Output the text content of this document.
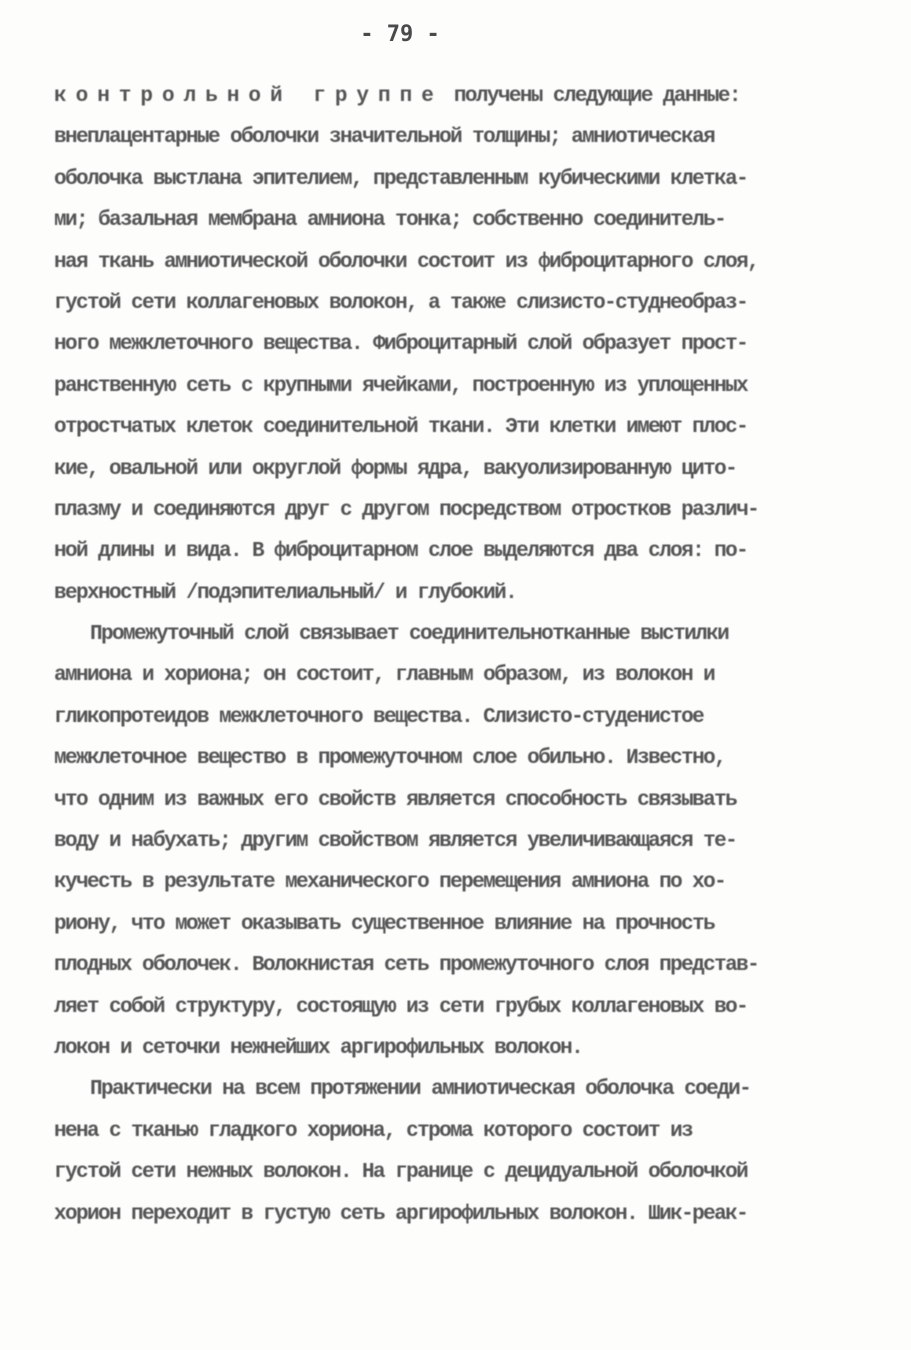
- 79 -
контрольной группе получены следующие данные:
внеплацентарные оболочки значительной толщины; амниотическая
оболочка выстлана эпителием, представленным кубическими клетка-
ми; базальная мембрана амниона тонка; собственно соединитель-
ная ткань амниотической оболочки состоит из фиброцитарного слоя,
густой сети коллагеновых волокон, а также слизисто-студнеобраз-
ного межклеточного вещества. Фиброцитарный слой образует прост-
ранственную сеть с крупными ячейками, построенную из уплощенных
отростчатых клеток соединительной ткани. Эти клетки имеют плос-
кие, овальной или округлой формы ядра, вакуолизированную цито-
плазму и соединяются друг с другом посредством отростков различ-
ной длины и вида. В фиброцитарном слое выделяются два слоя: по-
верхностный /подэпителиальный/ и глубокий.
Промежуточный слой связывает соединительнотканные выстилки
амниона и хориона; он состоит, главным образом, из волокон и
гликопротеидов межклеточного вещества. Слизисто-студенистое
межклеточное вещество в промежуточном слое обильно. Известно,
что одним из важных его свойств является способность связывать
воду и набухать; другим свойством является увеличивающаяся те-
кучесть в результате механического перемещения амниона по хо-
риону, что может оказывать существенное влияние на прочность
плодных оболочек. Волокнистая сеть промежуточного слоя представ-
ляет собой структуру, состоящую из сети грубых коллагеновых во-
локон и сеточки нежнейших аргирофильных волокон.
Практически на всем протяжении амниотическая оболочка соеди-
нена с тканью гладкого хориона, строма которого состоит из
густой сети нежных волокон. На границе с децидуальной оболочкой
хорион переходит в густую сеть аргирофильных волокон. Шик-реак-
